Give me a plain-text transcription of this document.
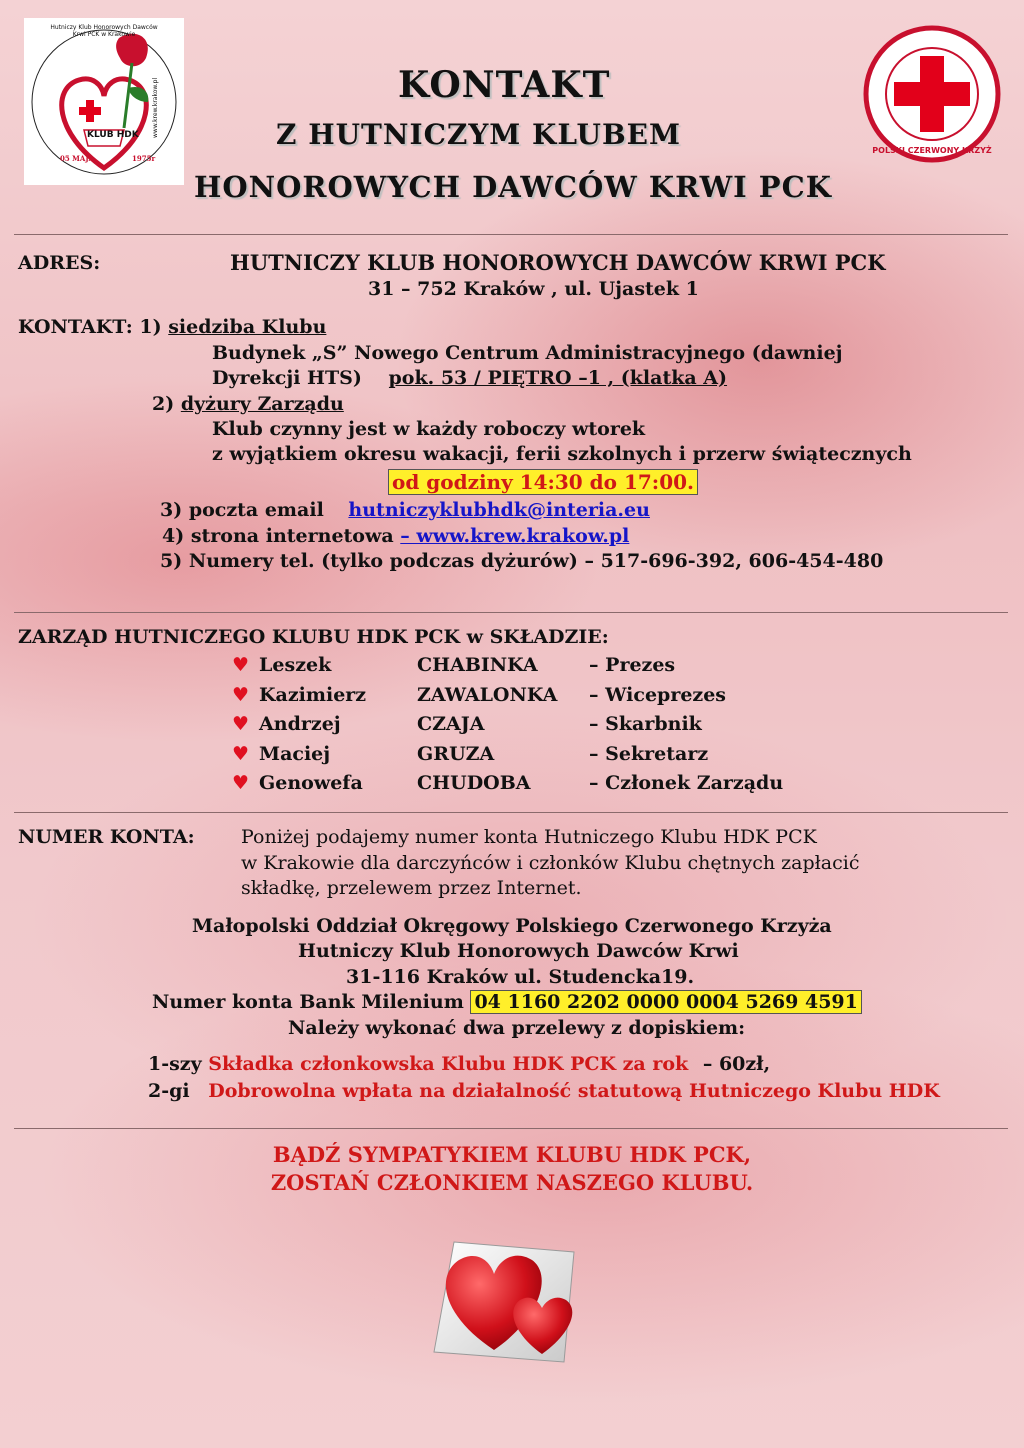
KLUB HDK
Hutniczy Klub Honorowych Dawców Krwi PCK w Krakowie
www.krew.krakow.pl
05 MAJA	1975r
POLSKI CZERWONY KRZYŻ
KONTAKT
Z HUTNICZYM KLUBEM
HONOROWYCH DAWCÓW KRWI PCK
ADRES:	HUTNICZY KLUB HONOROWYCH DAWCÓW KRWI PCK
31 – 752 Kraków , ul. Ujastek 1
KONTAKT: 1) siedziba Klubu
Budynek „S” Nowego Centrum Administracyjnego (dawniej
Dyrekcji HTS) pok. 53 / PIĘTRO –1 , (klatka A)
2) dyżury Zarządu
Klub czynny jest w każdy roboczy wtorek
z wyjątkiem okresu wakacji, ferii szkolnych i przerw świątecznych
od godziny 14:30 do 17:00.
3) poczta email hutniczyklubhdk@interia.eu
4) strona internetowa – www.krew.krakow.pl
5) Numery tel. (tylko podczas dyżurów) – 517-696-392, 606-454-480
ZARZĄD HUTNICZEGO KLUBU HDK PCK w SKŁADZIE:
♥ Leszek	CHABINKA	– Prezes
♥ Kazimierz	ZAWALONKA – Wiceprezes
♥ Andrzej	CZAJA	– Skarbnik
♥ Maciej	GRUZA	– Sekretarz
♥ Genowefa	CHUDOBA	– Członek Zarządu
NUMER KONTA: Poniżej podajemy numer konta Hutniczego Klubu HDK PCK
w Krakowie dla darczyńców i członków Klubu chętnych zapłacić
składkę, przelewem przez Internet.
Małopolski Oddział Okręgowy Polskiego Czerwonego Krzyża
Hutniczy Klub Honorowych Dawców Krwi
31-116 Kraków ul. Studencka19.
Numer konta Bank Milenium 04 1160 2202 0000 0004 5269 4591
Należy wykonać dwa przelewy z dopiskiem:
1-szy Składka członkowska Klubu HDK PCK za rok – 60zł,
2-gi Dobrowolna wpłata na działalność statutową Hutniczego Klubu HDK
BĄDŹ SYMPATYKIEM KLUBU HDK PCK,
ZOSTAŃ CZŁONKIEM NASZEGO KLUBU.
